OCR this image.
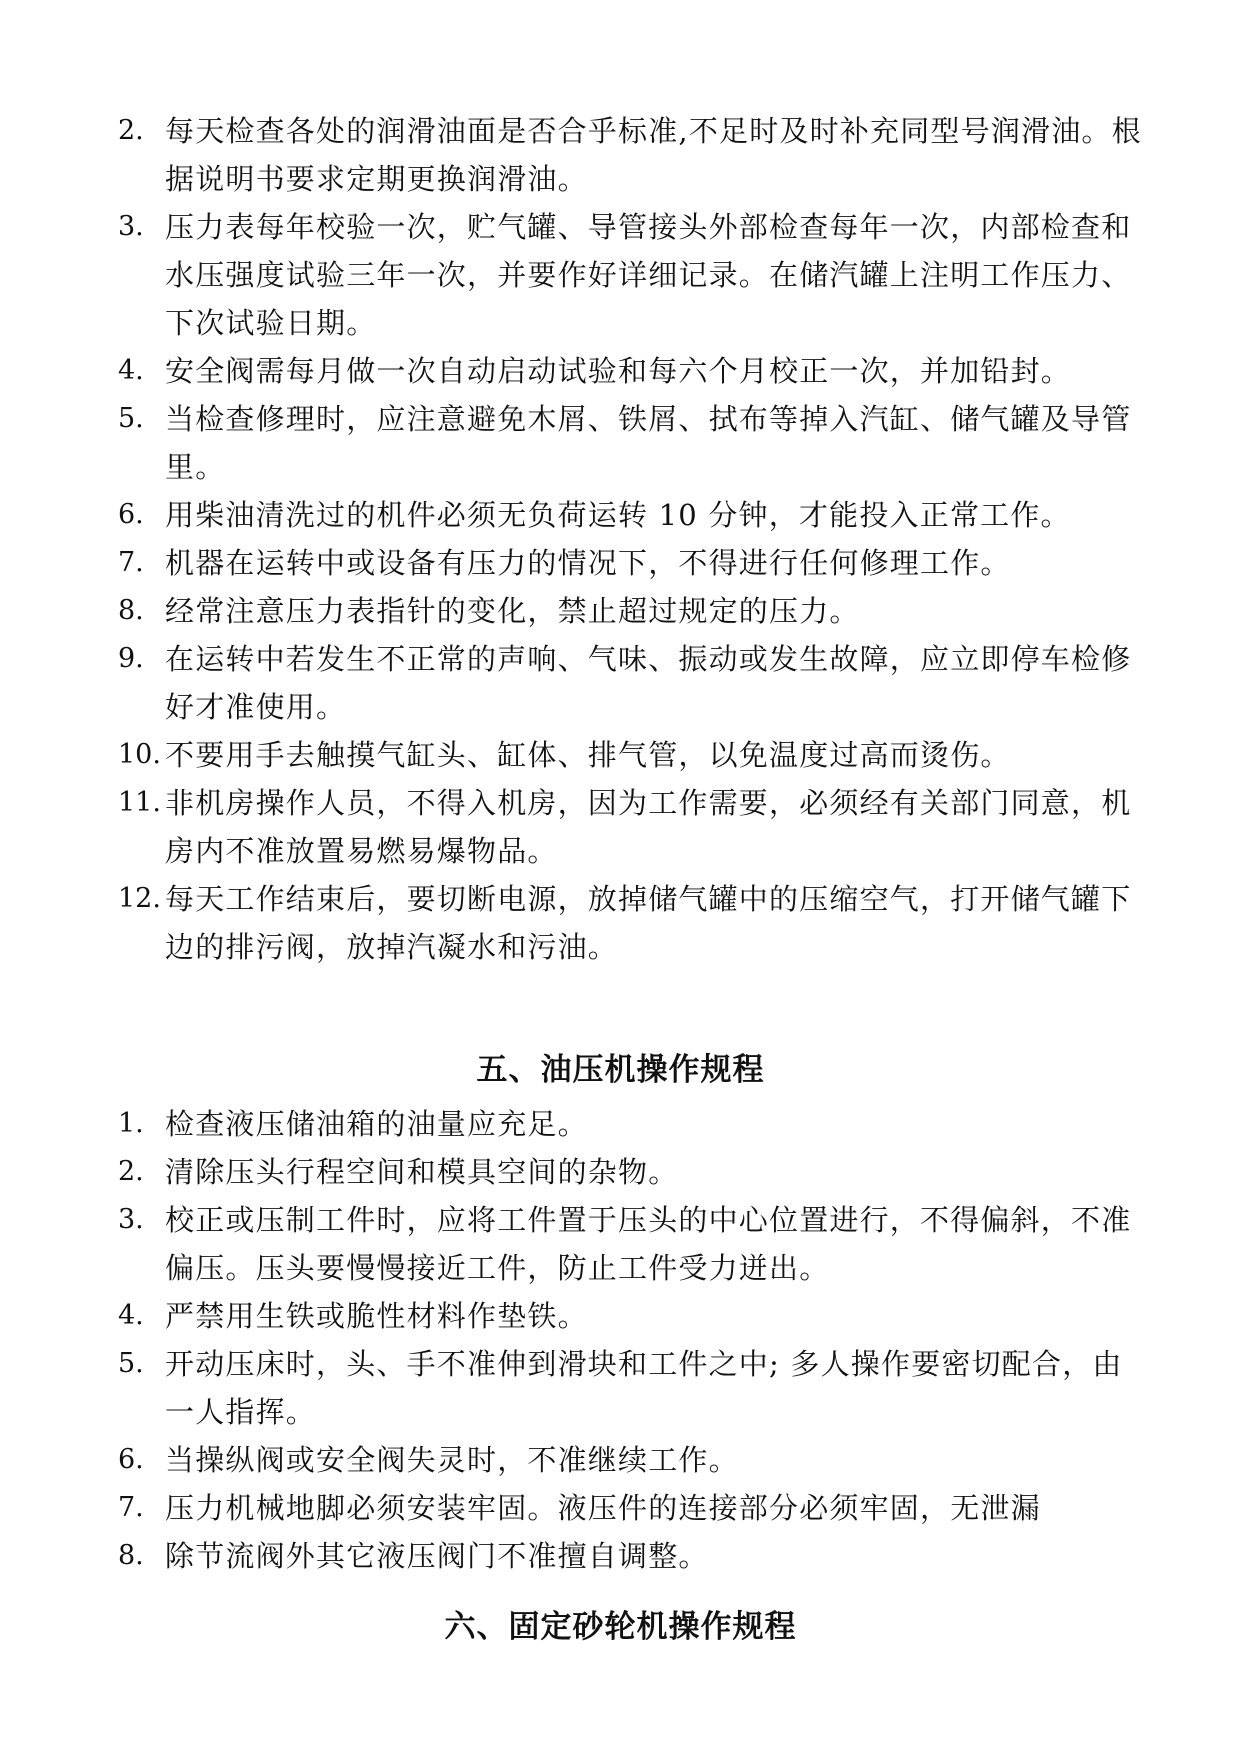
2. 每天检查各处的润滑油面是否合乎标准,不足时及时补充同型号润滑油。根据说明书要求定期更换润滑油。
3. 压力表每年校验一次，贮气罐、导管接头外部检查每年一次，内部检查和水压强度试验三年一次，并要作好详细记录。在储汽罐上注明工作压力、下次试验日期。
4. 安全阀需每月做一次自动启动试验和每六个月校正一次，并加铅封。
5. 当检查修理时，应注意避免木屑、铁屑、拭布等掉入汽缸、储气罐及导管里。
6. 用柴油清洗过的机件必须无负荷运转 10 分钟，才能投入正常工作。
7. 机器在运转中或设备有压力的情况下，不得进行任何修理工作。
8. 经常注意压力表指针的变化，禁止超过规定的压力。
9. 在运转中若发生不正常的声响、气味、振动或发生故障，应立即停车检修好才准使用。
10. 不要用手去触摸气缸头、缸体、排气管，以免温度过高而烫伤。
11. 非机房操作人员，不得入机房，因为工作需要，必须经有关部门同意，机房内不准放置易燃易爆物品。
12. 每天工作结束后，要切断电源，放掉储气罐中的压缩空气，打开储气罐下边的排污阀，放掉汽凝水和污油。
五、油压机操作规程
1. 检查液压储油箱的油量应充足。
2. 清除压头行程空间和模具空间的杂物。
3. 校正或压制工件时，应将工件置于压头的中心位置进行，不得偏斜，不准偏压。压头要慢慢接近工件，防止工件受力迸出。
4. 严禁用生铁或脆性材料作垫铁。
5. 开动压床时，头、手不准伸到滑块和工件之中; 多人操作要密切配合，由一人指挥。
6. 当操纵阀或安全阀失灵时，不准继续工作。
7. 压力机械地脚必须安装牢固。液压件的连接部分必须牢固，无泄漏
8. 除节流阀外其它液压阀门不准擅自调整。
六、固定砂轮机操作规程
